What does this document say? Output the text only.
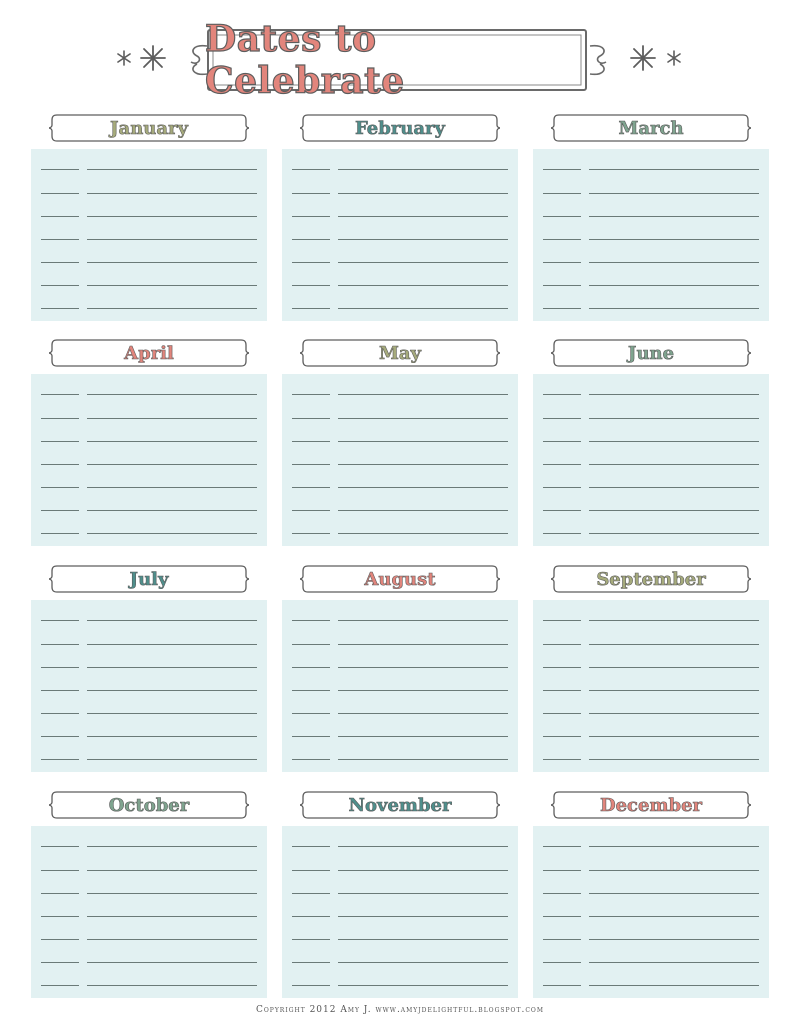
Dates to Celebrate
January	February	March
April	May	June
July	August	September
October	November	December
Copyright 2012 Amy J. www.amyjdelightful.blogspot.com
